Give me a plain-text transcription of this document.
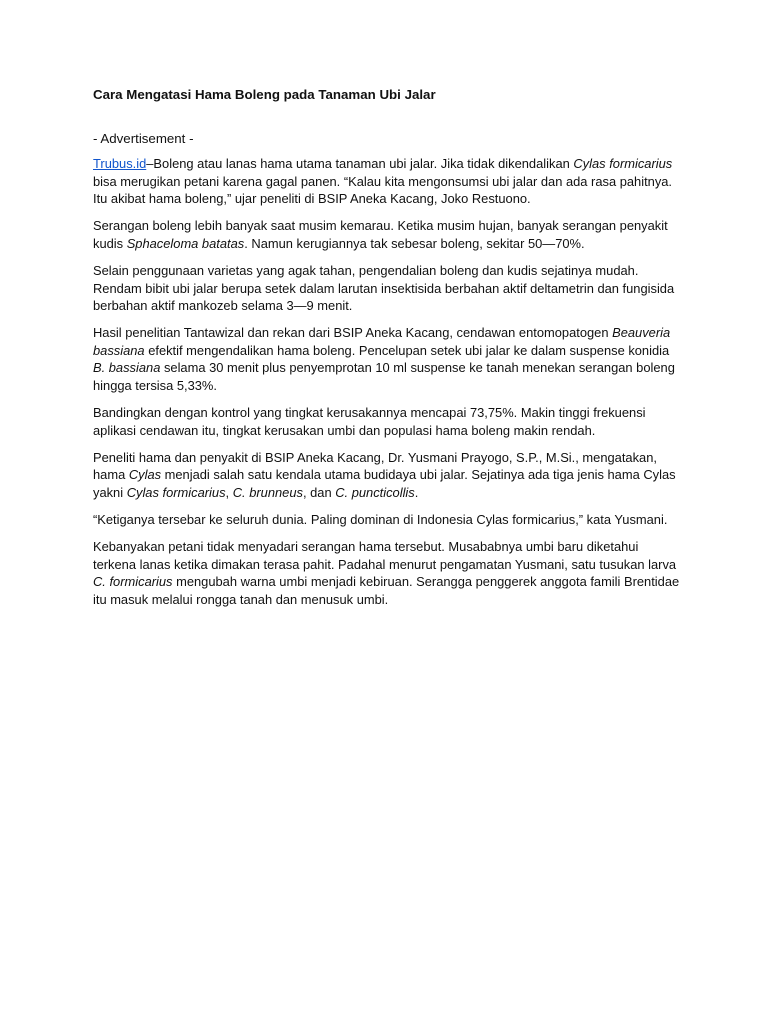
Cara Mengatasi Hama Boleng pada Tanaman Ubi Jalar
- Advertisement -

Trubus.id–Boleng atau lanas hama utama tanaman ubi jalar. Jika tidak dikendalikan Cylas formicarius bisa merugikan petani karena gagal panen. “Kalau kita mengonsumsi ubi jalar dan ada rasa pahitnya. Itu akibat hama boleng,” ujar peneliti di BSIP Aneka Kacang, Joko Restuono.

Serangan boleng lebih banyak saat musim kemarau. Ketika musim hujan, banyak serangan penyakit kudis Sphaceloma batatas. Namun kerugiannya tak sebesar boleng, sekitar 50—70%.

Selain penggunaan varietas yang agak tahan, pengendalian boleng dan kudis sejatinya mudah. Rendam bibit ubi jalar berupa setek dalam larutan insektisida berbahan aktif deltametrin dan fungisida berbahan aktif mankozeb selama 3—9 menit.

Hasil penelitian Tantawizal dan rekan dari BSIP Aneka Kacang, cendawan entomopatogen Beauveria bassiana efektif mengendalikan hama boleng. Pencelupan setek ubi jalar ke dalam suspense konidia B. bassiana selama 30 menit plus penyemprotan 10 ml suspense ke tanah menekan serangan boleng hingga tersisa 5,33%.

Bandingkan dengan kontrol yang tingkat kerusakannya mencapai 73,75%. Makin tinggi frekuensi aplikasi cendawan itu, tingkat kerusakan umbi dan populasi hama boleng makin rendah.

Peneliti hama dan penyakit di BSIP Aneka Kacang, Dr. Yusmani Prayogo, S.P., M.Si., mengatakan, hama Cylas menjadi salah satu kendala utama budidaya ubi jalar. Sejatinya ada tiga jenis hama Cylas yakni Cylas formicarius, C. brunneus, dan C. puncticollis.

“Ketiganya tersebar ke seluruh dunia. Paling dominan di Indonesia Cylas formicarius,” kata Yusmani.

Kebanyakan petani tidak menyadari serangan hama tersebut. Musababnya umbi baru diketahui terkena lanas ketika dimakan terasa pahit. Padahal menurut pengamatan Yusmani, satu tusukan larva C. formicarius mengubah warna umbi menjadi kebiruan. Serangga penggerek anggota famili Brentidae itu masuk melalui rongga tanah dan menusuk umbi.
